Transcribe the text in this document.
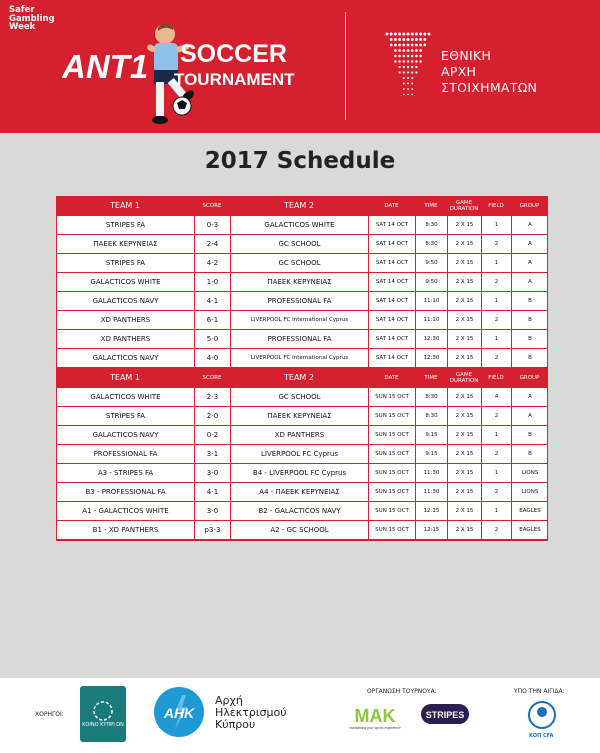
Safer
Gambling
Week
ANT1 SOCCER
TOURNAMENT
ΕΘΝΙΚΗ
ΑΡΧΗ
ΣΤΟΙΧΗΜΑΤΩΝ
2017 Schedule
TEAM 1	SCORE	TEAM 2	DATE	TIME	GAME DURATION	FIELD	GROUP
STRIPES FA	0-3	GALACTICOS WHITE	SAT 14 OCT	8:30	2 X 15	1	A
ΠΑΕΕΚ ΚΕΡΥΝΕΙΑΣ	2-4	GC SCHOOL	SAT 14 OCT	8:30	2 X 15	2	A
STRIPES FA	4-2	GC SCHOOL	SAT 14 OCT	9:50	2 X 15	1	A
GALACTICOS WHITE	1-0	ΠΑΕΕΚ ΚΕΡΥΝΕΙΑΣ	SAT 14 OCT	9:50	2 X 15	2	A
GALACTICOS NAVY	4-1	PROFESSIONAL FA	SAT 14 OCT	11:10	2 X 15	1	B
XD PANTHERS	6-1	LIVERPOOL FC International Cyprus	SAT 14 OCT	11:10	2 X 15	2	B
XD PANTHERS	5-0	PROFESSIONAL FA	SAT 14 OCT	12:30	2 X 15	1	B
GALACTICOS NAVY	4-0	LIVERPOOL FC International Cyprus	SAT 14 OCT	12:30	2 X 15	2	B
TEAM 1	SCORE	TEAM 2	DATE	TIME	GAME DURATION	FIELD	GROUP
GALACTICOS WHITE	2-3	GC SCHOOL	SUN 15 OCT	8:30	2 X 15	4	A
STRIPES FA	2-0	ΠΑΕΕΚ ΚΕΡΥΝΕΙΑΣ	SUN 15 OCT	8:30	2 X 15	2	A
GALACTICOS NAVY	0-2	XD PANTHERS	SUN 15 OCT	9:15	2 X 15	1	B
PROFESSIONAL FA	3-1	LIVERPOOL FC Cyprus	SUN 15 OCT	9:15	2 X 15	2	B
A3 - STRIPES FA	3-0	B4 - LIVERPOOL FC Cyprus	SUN 15 OCT	11:30	2 X 15	1	LIONS
B3 - PROFESSIONAL FA	4-1	A4 - ΠΑΕΕΚ ΚΕΡΥΝΕΙΑΣ	SUN 15 OCT	11:30	2 X 15	2	LIONS
A1 - GALACTICOS WHITE	3-0	B2 - GALACTICOS NAVY	SUN 15 OCT	12:15	2 X 15	1	EAGLES
B1 - XD PANTHERS	p3-3	A2 - GC SCHOOL	SUN 15 OCT	12:15	2 X 15	2	EAGLES
ΧΟΡΗΓΟΙ:
ΚΟΙΝΟ ΚΥΠΡΙ ΩΝ
ΑΗΚ
Αρχή
Ηλεκτρισμού
Κύπρου
ΟΡΓΑΝΩΣΗ ΤΟΥΡΝΟΥΑ:
MAK
maintaining your sports experience
STRIPES
ΥΠΟ ΤΗΝ ΑΙΓΙΔΑ:
ΚΟΠ CFA
